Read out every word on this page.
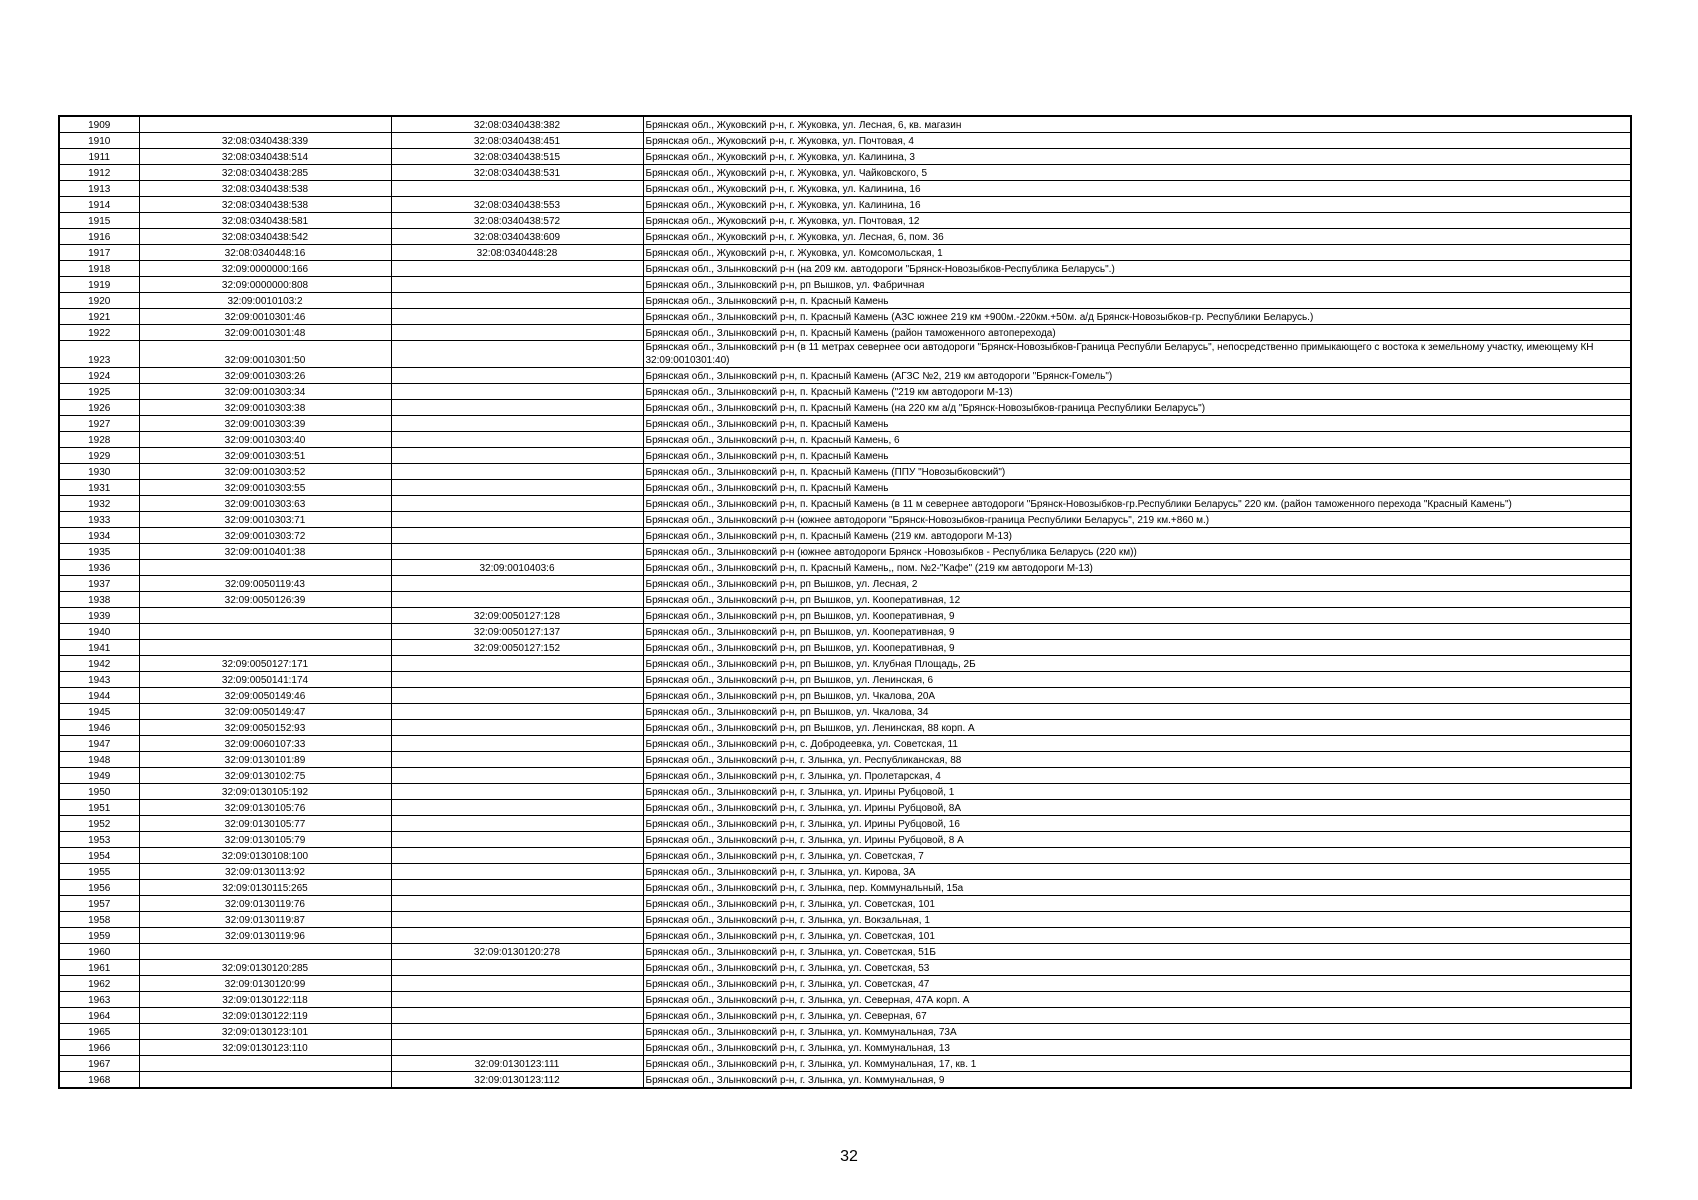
1909		32:08:0340438:382	Брянская обл., Жуковский р-н, г. Жуковка, ул. Лесная, 6, кв. магазин
1910	32:08:0340438:339	32:08:0340438:451	Брянская обл., Жуковский р-н, г. Жуковка, ул. Почтовая, 4
1911	32:08:0340438:514	32:08:0340438:515	Брянская обл., Жуковский р-н, г. Жуковка, ул. Калинина, 3
1912	32:08:0340438:285	32:08:0340438:531	Брянская обл., Жуковский р-н, г. Жуковка, ул. Чайковского, 5
1913	32:08:0340438:538		Брянская обл., Жуковский р-н, г. Жуковка, ул. Калинина, 16
1914	32:08:0340438:538	32:08:0340438:553	Брянская обл., Жуковский р-н, г. Жуковка, ул. Калинина, 16
1915	32:08:0340438:581	32:08:0340438:572	Брянская обл., Жуковский р-н, г. Жуковка, ул. Почтовая, 12
1916	32:08:0340438:542	32:08:0340438:609	Брянская обл., Жуковский р-н, г. Жуковка, ул. Лесная, 6, пом. 36
1917	32:08:0340448:16	32:08:0340448:28	Брянская обл., Жуковский р-н, г. Жуковка, ул. Комсомольская, 1
1918	32:09:0000000:166		Брянская обл., Злынковский р-н (на 209 км. автодороги "Брянск-Новозыбков-Республика Беларусь".)
1919	32:09:0000000:808		Брянская обл., Злынковский р-н, рп Вышков, ул. Фабричная
1920	32:09:0010103:2		Брянская обл., Злынковский р-н, п. Красный Камень
1921	32:09:0010301:46		Брянская обл., Злынковский р-н, п. Красный Камень (АЗС южнее 219 км +900м.-220км.+50м. а/д Брянск-Новозыбков-гр. Республики Беларусь.)
1922	32:09:0010301:48		Брянская обл., Злынковский р-н, п. Красный Камень (район таможенного автоперехода)
1923	32:09:0010301:50		Брянская обл., Злынковский р-н (в 11 метрах севернее оси автодороги "Брянск-Новозыбков-Граница Республи Беларусь", непосредственно примыкающего с востока к земельному участку, имеющему КН 32:09:0010301:40)
1924	32:09:0010303:26		Брянская обл., Злынковский р-н, п. Красный Камень (АГЗС №2, 219 км автодороги "Брянск-Гомель")
1925	32:09:0010303:34		Брянская обл., Злынковский р-н, п. Красный Камень ("219 км автодороги М-13)
1926	32:09:0010303:38		Брянская обл., Злынковский р-н, п. Красный Камень (на 220 км а/д "Брянск-Новозыбков-граница Республики Беларусь")
1927	32:09:0010303:39		Брянская обл., Злынковский р-н, п. Красный Камень
1928	32:09:0010303:40		Брянская обл., Злынковский р-н, п. Красный Камень, 6
1929	32:09:0010303:51		Брянская обл., Злынковский р-н, п. Красный Камень
1930	32:09:0010303:52		Брянская обл., Злынковский р-н, п. Красный Камень (ППУ "Новозыбковский")
1931	32:09:0010303:55		Брянская обл., Злынковский р-н, п. Красный Камень
1932	32:09:0010303:63		Брянская обл., Злынковский р-н, п. Красный Камень (в 11 м севернее автодороги "Брянск-Новозыбков-гр.Республики Беларусь" 220 км. (район таможенного перехода "Красный Камень")
1933	32:09:0010303:71		Брянская обл., Злынковский р-н (южнее автодороги "Брянск-Новозыбков-граница Республики Беларусь", 219 км.+860 м.)
1934	32:09:0010303:72		Брянская обл., Злынковский р-н, п. Красный Камень (219 км. автодороги М-13)
1935	32:09:0010401:38		Брянская обл., Злынковский р-н (южнее автодороги Брянск -Новозыбков - Республика Беларусь (220 км))
1936		32:09:0010403:6	Брянская обл., Злынковский р-н, п. Красный Камень,, пом. №2-"Кафе" (219 км автодороги М-13)
1937	32:09:0050119:43		Брянская обл., Злынковский р-н, рп Вышков, ул. Лесная, 2
1938	32:09:0050126:39		Брянская обл., Злынковский р-н, рп Вышков, ул. Кооперативная, 12
1939		32:09:0050127:128	Брянская обл., Злынковский р-н, рп Вышков, ул. Кооперативная, 9
1940		32:09:0050127:137	Брянская обл., Злынковский р-н, рп Вышков, ул. Кооперативная, 9
1941		32:09:0050127:152	Брянская обл., Злынковский р-н, рп Вышков, ул. Кооперативная, 9
1942	32:09:0050127:171		Брянская обл., Злынковский р-н, рп Вышков, ул. Клубная Площадь, 2Б
1943	32:09:0050141:174		Брянская обл., Злынковский р-н, рп Вышков, ул. Ленинская, 6
1944	32:09:0050149:46		Брянская обл., Злынковский р-н, рп Вышков, ул. Чкалова, 20А
1945	32:09:0050149:47		Брянская обл., Злынковский р-н, рп Вышков, ул. Чкалова, 34
1946	32:09:0050152:93		Брянская обл., Злынковский р-н, рп Вышков, ул. Ленинская, 88 корп. А
1947	32:09:0060107:33		Брянская обл., Злынковский р-н, с. Добродеевка, ул. Советская, 11
1948	32:09:0130101:89		Брянская обл., Злынковский р-н, г. Злынка, ул. Республиканская, 88
1949	32:09:0130102:75		Брянская обл., Злынковский р-н, г. Злынка, ул. Пролетарская, 4
1950	32:09:0130105:192		Брянская обл., Злынковский р-н, г. Злынка, ул. Ирины Рубцовой, 1
1951	32:09:0130105:76		Брянская обл., Злынковский р-н, г. Злынка, ул. Ирины Рубцовой, 8А
1952	32:09:0130105:77		Брянская обл., Злынковский р-н, г. Злынка, ул. Ирины Рубцовой, 16
1953	32:09:0130105:79		Брянская обл., Злынковский р-н, г. Злынка, ул. Ирины Рубцовой, 8 А
1954	32:09:0130108:100		Брянская обл., Злынковский р-н, г. Злынка, ул. Советская, 7
1955	32:09:0130113:92		Брянская обл., Злынковский р-н, г. Злынка, ул. Кирова, 3А
1956	32:09:0130115:265		Брянская обл., Злынковский р-н, г. Злынка, пер. Коммунальный, 15а
1957	32:09:0130119:76		Брянская обл., Злынковский р-н, г. Злынка, ул. Советская, 101
1958	32:09:0130119:87		Брянская обл., Злынковский р-н, г. Злынка, ул. Вокзальная, 1
1959	32:09:0130119:96		Брянская обл., Злынковский р-н, г. Злынка, ул. Советская, 101
1960		32:09:0130120:278	Брянская обл., Злынковский р-н, г. Злынка, ул. Советская, 51Б
1961	32:09:0130120:285		Брянская обл., Злынковский р-н, г. Злынка, ул. Советская, 53
1962	32:09:0130120:99		Брянская обл., Злынковский р-н, г. Злынка, ул. Советская, 47
1963	32:09:0130122:118		Брянская обл., Злынковский р-н, г. Злынка, ул. Северная, 47А корп. А
1964	32:09:0130122:119		Брянская обл., Злынковский р-н, г. Злынка, ул. Северная, 67
1965	32:09:0130123:101		Брянская обл., Злынковский р-н, г. Злынка, ул. Коммунальная, 73А
1966	32:09:0130123:110		Брянская обл., Злынковский р-н, г. Злынка, ул. Коммунальная, 13
1967		32:09:0130123:111	Брянская обл., Злынковский р-н, г. Злынка, ул. Коммунальная, 17, кв. 1
1968		32:09:0130123:112	Брянская обл., Злынковский р-н, г. Злынка, ул. Коммунальная, 9
32
